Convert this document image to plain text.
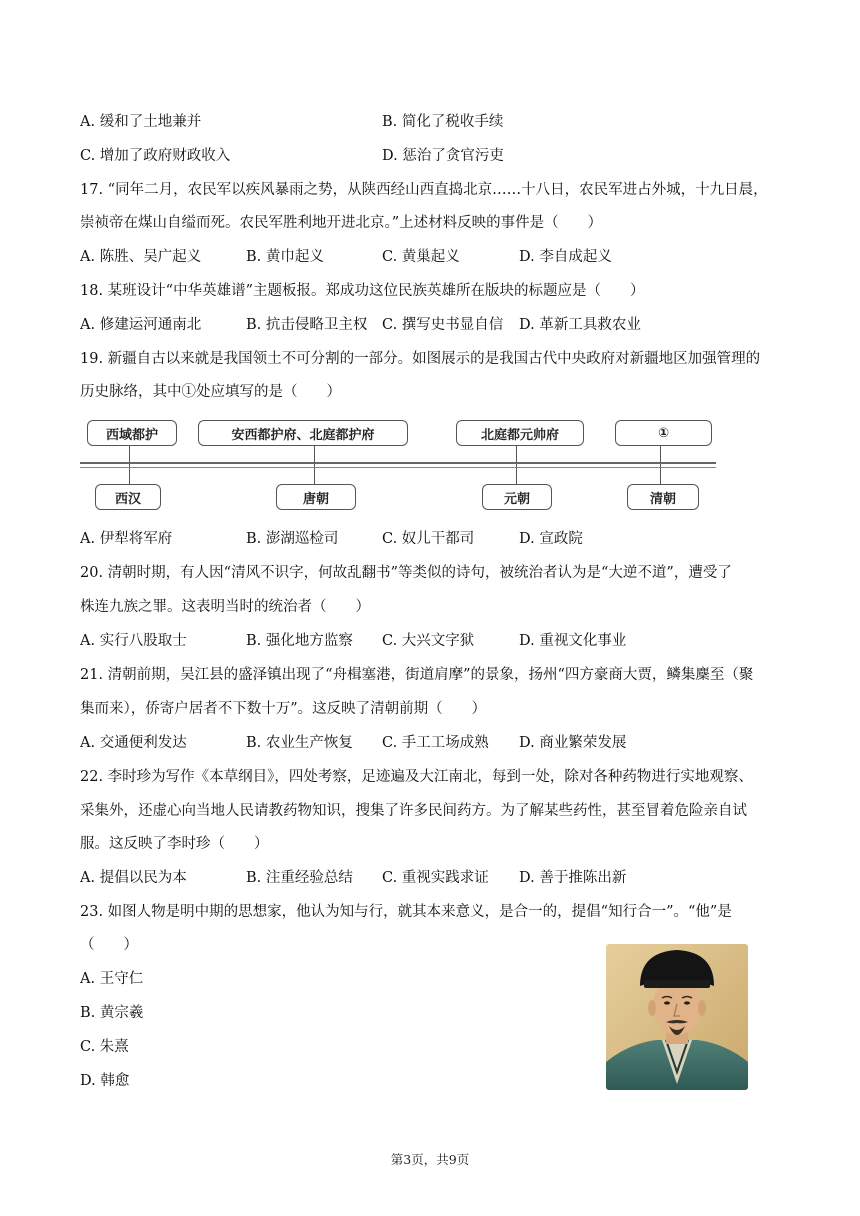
A. 缓和了土地兼并	B. 简化了税收手续
C. 增加了政府财政收入	D. 惩治了贪官污吏
17. “同年二月，农民军以疾风暴雨之势，从陕西经山西直捣北京……十八日，农民军进占外城，十九日晨，
崇祯帝在煤山自缢而死。农民军胜利地开进北京。”上述材料反映的事件是（　　）
A. 陈胜、吴广起义	B. 黄巾起义	C. 黄巢起义	D. 李自成起义
18. 某班设计“中华英雄谱”主题板报。郑成功这位民族英雄所在版块的标题应是（　　）
A. 修建运河通南北	B. 抗击侵略卫主权 C. 撰写史书显自信 D. 革新工具救农业
19. 新疆自古以来就是我国领土不可分割的一部分。如图展示的是我国古代中央政府对新疆地区加强管理的
历史脉络，其中①处应填写的是（　　）
西域都护	安西都护府、北庭都护府	北庭都元帅府	①
西汉	唐朝	元朝	清朝
A. 伊犁将军府	B. 澎湖巡检司	C. 奴儿干都司	D. 宣政院
20. 清朝时期，有人因“清风不识字，何故乱翻书”等类似的诗句，被统治者认为是“大逆不道”，遭受了
株连九族之罪。这表明当时的统治者（　　）
A. 实行八股取士	B. 强化地方监察 C. 大兴文字狱	D. 重视文化事业
21. 清朝前期，吴江县的盛泽镇出现了“舟楫塞港，街道肩摩”的景象，扬州“四方豪商大贾，鳞集麇至（聚
集而来），侨寄户居者不下数十万”。这反映了清朝前期（　　）
A. 交通便利发达	B. 农业生产恢复 C. 手工工场成熟 D. 商业繁荣发展
22. 李时珍为写作《本草纲目》，四处考察，足迹遍及大江南北，每到一处，除对各种药物进行实地观察、
采集外，还虚心向当地人民请教药物知识，搜集了许多民间药方。为了解某些药性，甚至冒着危险亲自试
服。这反映了李时珍（　　）
A. 提倡以民为本	B. 注重经验总结 C. 重视实践求证 D. 善于推陈出新
23. 如图人物是明中期的思想家，他认为知与行，就其本来意义，是合一的，提倡“知行合一”。“他”是
（　　）
A. 王守仁
B. 黄宗羲
C. 朱熹
D. 韩愈
第3页，共9页
